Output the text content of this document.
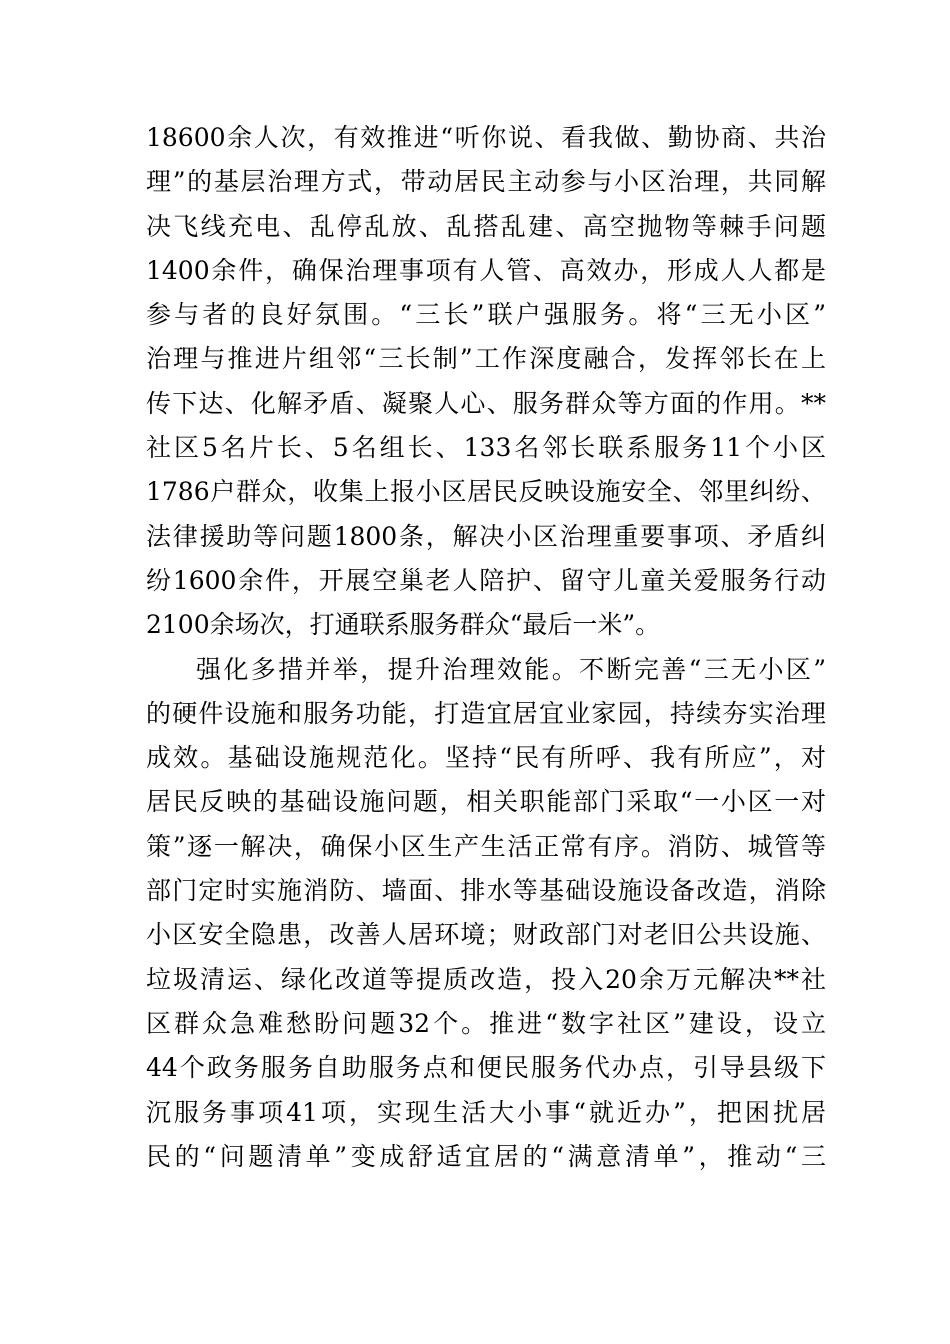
18600余人次，有效推进“听你说、看我做、勤协商、共治
理”的基层治理方式，带动居民主动参与小区治理，共同解
决飞线充电、乱停乱放、乱搭乱建、高空抛物等棘手问题
1400余件，确保治理事项有人管、高效办，形成人人都是
参与者的良好氛围。“三长”联户强服务。将“三无小区”
治理与推进片组邻“三长制”工作深度融合，发挥邻长在上
传下达、化解矛盾、凝聚人心、服务群众等方面的作用。**
社区5名片长、5名组长、133名邻长联系服务11个小区
1786户群众，收集上报小区居民反映设施安全、邻里纠纷、
法律援助等问题1800条，解决小区治理重要事项、矛盾纠
纷1600余件，开展空巢老人陪护、留守儿童关爱服务行动
2100余场次，打通联系服务群众“最后一米”。
强化多措并举，提升治理效能。不断完善“三无小区”
的硬件设施和服务功能，打造宜居宜业家园，持续夯实治理
成效。基础设施规范化。坚持“民有所呼、我有所应”，对
居民反映的基础设施问题，相关职能部门采取“一小区一对
策”逐一解决，确保小区生产生活正常有序。消防、城管等
部门定时实施消防、墙面、排水等基础设施设备改造，消除
小区安全隐患，改善人居环境；财政部门对老旧公共设施、
垃圾清运、绿化改道等提质改造，投入20余万元解决**社
区群众急难愁盼问题32个。推进“数字社区”建设，设立
44个政务服务自助服务点和便民服务代办点，引导县级下
沉服务事项41项，实现生活大小事“就近办”，把困扰居
民的“问题清单”变成舒适宜居的“满意清单”，推动“三
